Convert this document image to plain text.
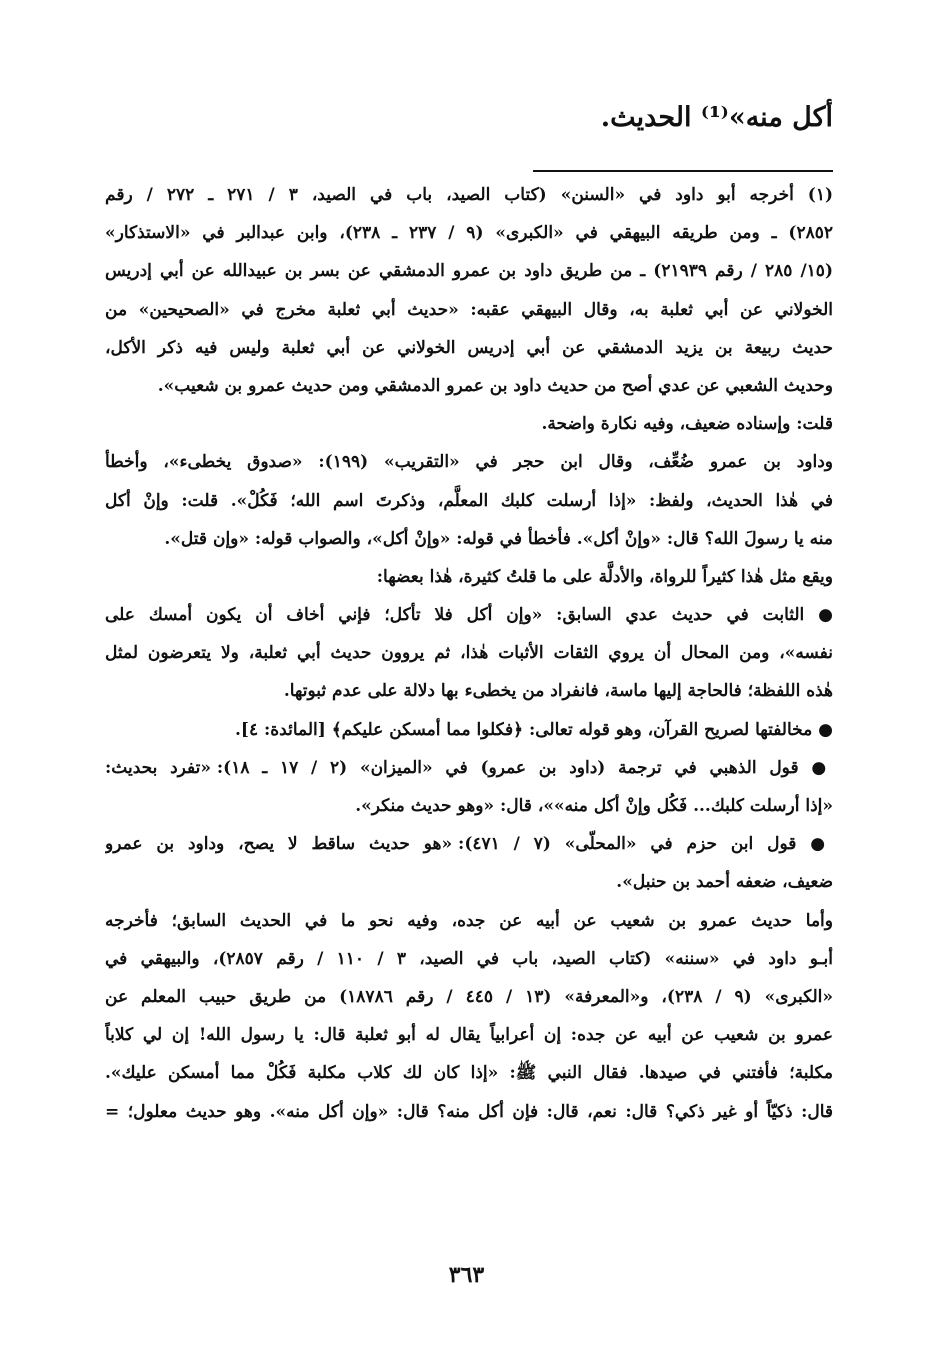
أكل منه»⁽¹⁾ الحديث.
(١) أخرجه أبو داود في «السنن» (كتاب الصيد، باب في الصيد، ٣ / ٢٧١ ـ ٢٧٢ / رقم
٢٨٥٢) ـ ومن طريقه البيهقي في «الكبرى» (٩ / ٢٣٧ ـ ٢٣٨)، وابن عبدالبر في «الاستذكار»
(١٥/ ٢٨٥ / رقم ٢١٩٣٩) ـ من طريق داود بن عمرو الدمشقي عن بسر بن عبيدالله عن أبي إدريس
الخولاني عن أبي ثعلبة به، وقال البيهقي عقبه: «حديث أبي ثعلبة مخرج في «الصحيحين» من
حديث ربيعة بن يزيد الدمشقي عن أبي إدريس الخولاني عن أبي ثعلبة وليس فيه ذكر الأكل،
وحديث الشعبي عن عدي أصح من حديث داود بن عمرو الدمشقي ومن حديث عمرو بن شعيب».
قلت: وإسناده ضعيف، وفيه نكارة واضحة.
وداود بن عمرو ضُعِّف، وقال ابن حجر في «التقريب» (١٩٩): «صدوق يخطىء»، وأخطأ
في هٰذا الحديث، ولفظ: «إذا أرسلت كلبك المعلَّم، وذكرتَ اسم الله؛ فَكُلْ». قلت: وإنْ أكل
منه يا رسولَ الله؟ قال: «وإنْ أكل». فأخطأ في قوله: «وإنْ أكل»، والصواب قوله: «وإن قتل».
ويقع مثل هٰذا كثيراً للرواة، والأدلَّة على ما قلتُ كثيرة، هٰذا بعضها:
● الثابت في حديث عدي السابق: «وإن أكل فلا تأكل؛ فإني أخاف أن يكون أمسك على
نفسه»، ومن المحال أن يروي الثقات الأثبات هٰذا، ثم يروون حديث أبي ثعلبة، ولا يتعرضون لمثل
هٰذه اللفظة؛ فالحاجة إليها ماسة، فانفراد من يخطىء بها دلالة على عدم ثبوتها.
● مخالفتها لصريح القرآن، وهو قوله تعالى: ﴿فكلوا مما أمسكن عليكم﴾ [المائدة: ٤].
● قول الذهبي في ترجمة (داود بن عمرو) في «الميزان» (٢ / ١٧ ـ ١٨): «تفرد بحديث:
«إذا أرسلت كلبك... فَكُل وإنْ أكل منه»»، قال: «وهو حديث منكر».
● قول ابن حزم في «المحلّى» (٧ / ٤٧١): «هو حديث ساقط لا يصح، وداود بن عمرو
ضعيف، ضعفه أحمد بن حنبل».
وأما حديث عمرو بن شعيب عن أبيه عن جده، وفيه نحو ما في الحديث السابق؛ فأخرجه
أبـو داود في «سننه» (كتاب الصيد، باب في الصيد، ٣ / ١١٠ / رقم ٢٨٥٧)، والبيهقي في
«الكبرى» (٩ / ٢٣٨)، و«المعرفة» (١٣ / ٤٤٥ / رقم ١٨٧٨٦) من طريق حبيب المعلم عن
عمرو بن شعيب عن أبيه عن جده: إن أعرابياً يقال له أبو ثعلبة قال: يا رسول الله! إن لي كلاباً
مكلبة؛ فأفتني في صيدها. فقال النبي ﷺ: «إذا كان لك كلاب مكلبة فَكُلْ مما أمسكن عليك».
قال: ذكيّاً أو غير ذكي؟ قال: نعم، قال: فإن أكل منه؟ قال: «وإن أكل منه». وهو حديث معلول؛ =
٣٦٣
